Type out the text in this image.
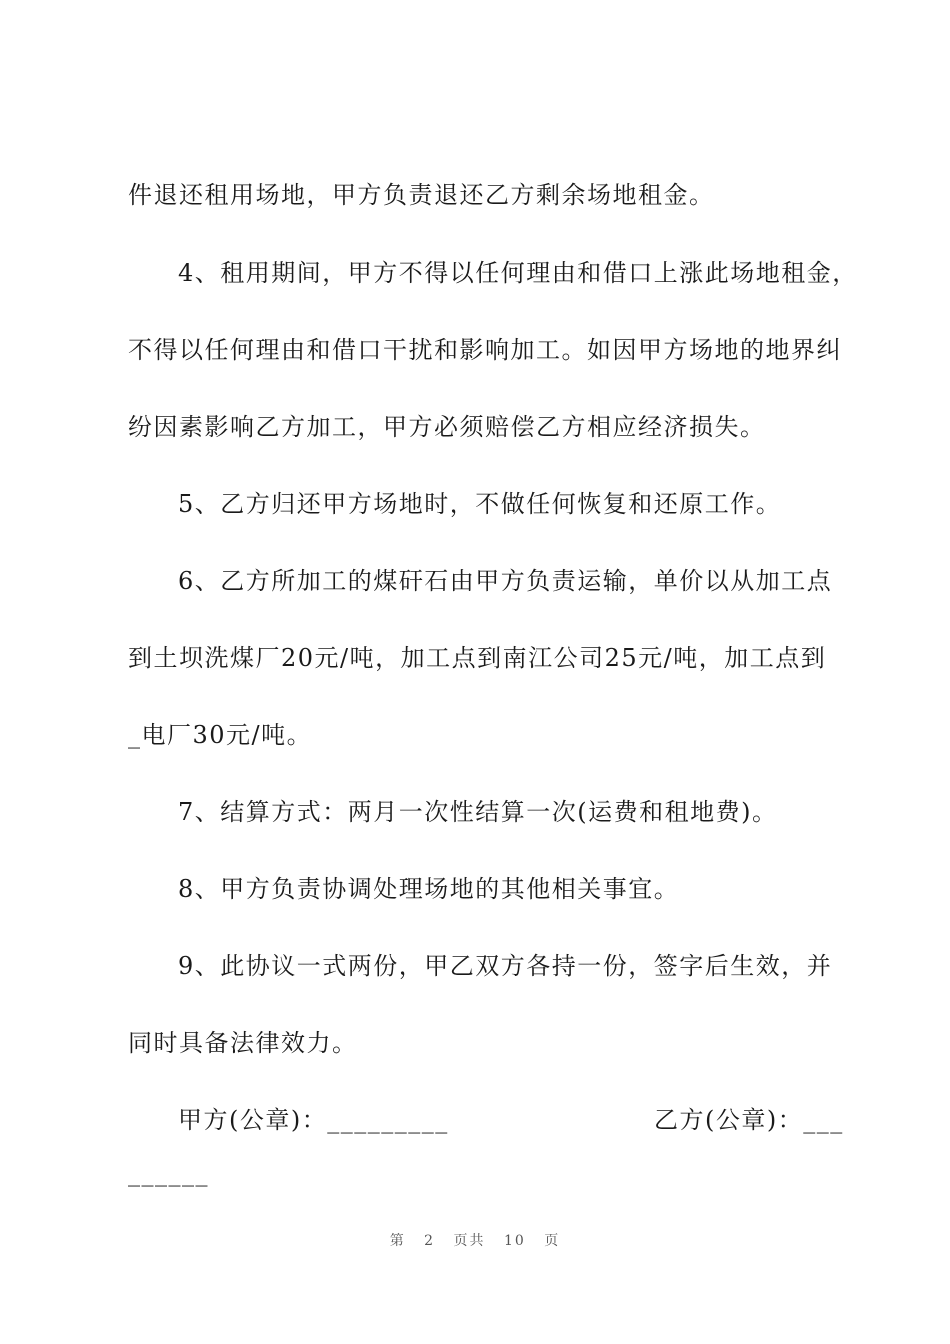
件退还租用场地，甲方负责退还乙方剩余场地租金。
4、租用期间，甲方不得以任何理由和借口上涨此场地租金，
不得以任何理由和借口干扰和影响加工。如因甲方场地的地界纠
纷因素影响乙方加工，甲方必须赔偿乙方相应经济损失。
5、乙方归还甲方场地时，不做任何恢复和还原工作。
6、乙方所加工的煤矸石由甲方负责运输，单价以从加工点
到土坝洗煤厂20元/吨，加工点到南江公司25元/吨，加工点到
_电厂30元/吨。
7、结算方式：两月一次性结算一次(运费和租地费)。
8、甲方负责协调处理场地的其他相关事宜。
9、此协议一式两份，甲乙双方各持一份，签字后生效，并
同时具备法律效力。
甲方(公章)：_________	乙方(公章)：___
______
第 2 页共 10 页
